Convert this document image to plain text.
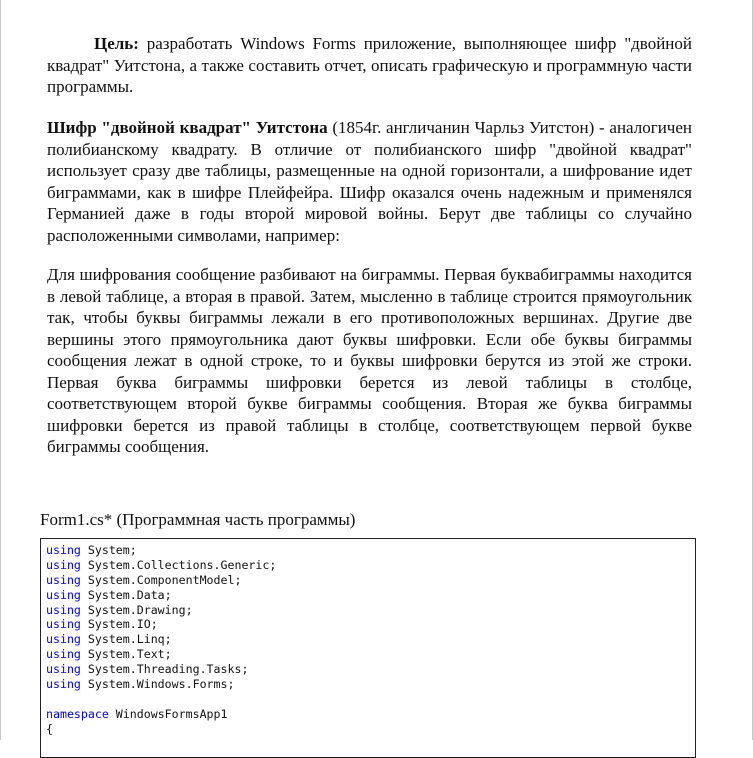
Цель: разработать Windows Forms приложение, выполняющее шифр "двойной квадрат" Уитстона, а также составить отчет, описать графическую и программную части программы.

Шифр "двойной квадрат" Уитстона (1854г. англичанин Чарльз Уитстон) - аналогичен полибианскому квадрату. В отличие от полибианского шифр "двойной квадрат" использует сразу две таблицы, размещенные на одной горизонтали, а шифрование идет биграммами, как в шифре Плейфейра. Шифр оказался очень надежным и применялся Германией даже в годы второй мировой войны. Берут две таблицы со случайно расположенными символами, например:

Для шифрования сообщение разбивают на биграммы. Первая буквабиграммы находится в левой таблице, а вторая в правой. Затем, мысленно в таблице строится прямоугольник так, чтобы буквы биграммы лежали в его противоположных вершинах. Другие две вершины этого прямоугольника дают буквы шифровки. Если обе буквы биграммы сообщения лежат в одной строке, то и буквы шифровки берутся из этой же строки. Первая буква биграммы шифровки берется из левой таблицы в столбце, соответствующем второй букве биграммы сообщения. Вторая же буква биграммы шифровки берется из правой таблицы в столбце, соответствующем первой букве биграммы сообщения.

Form1.cs* (Программная часть программы)
using System;
using System.Collections.Generic;
using System.ComponentModel;
using System.Data;
using System.Drawing;
using System.IO;
using System.Linq;
using System.Text;
using System.Threading.Tasks;
using System.Windows.Forms;
namespace WindowsFormsApp1
{
